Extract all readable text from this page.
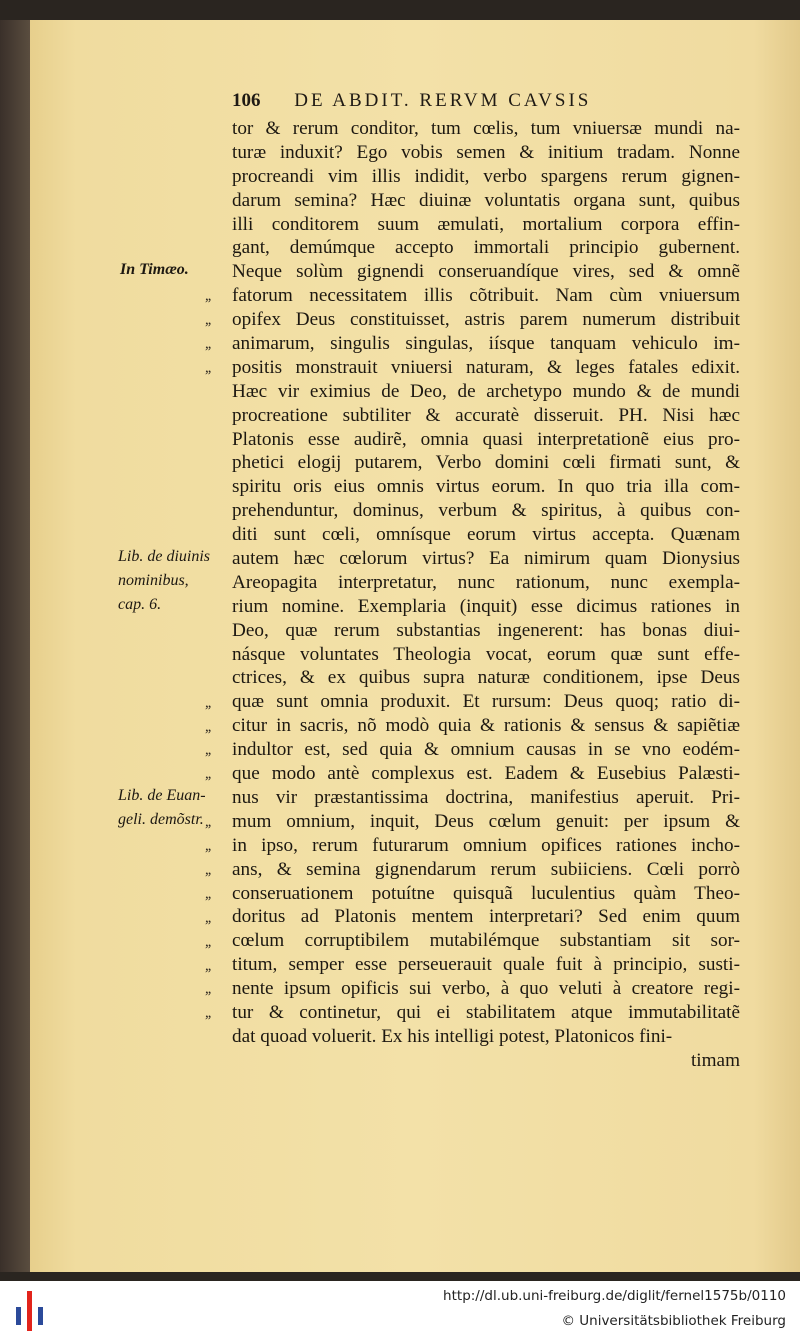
106 DE ABDIT. RERVM CAVSIS
tor & rerum conditor, tum cœlis, tum vniuersæ mundi na-
turæ induxit? Ego vobis semen & initium tradam. Nonne
procreandi vim illis indidit, verbo spargens rerum gignen-
darum semina? Hæc diuinæ voluntatis organa sunt, quibus
illi conditorem suum æmulati, mortalium corpora effin-
gant, demúmque accepto immortali principio gubernent.
Neque solùm gignendi conseruandíque vires, sed & omnẽ
fatorum necessitatem illis cõtribuit. Nam cùm vniuersum
opifex Deus constituisset, astris parem numerum distribuit
animarum, singulis singulas, iísque tanquam vehiculo im-
positis monstrauit vniuersi naturam, & leges fatales edixit.
Hæc vir eximius de Deo, de archetypo mundo & de mundi
procreatione subtiliter & accuratè disseruit. PH. Nisi hæc
Platonis esse audirẽ, omnia quasi interpretationẽ eius pro-
phetici elogij putarem, Verbo domini cœli firmati sunt, &
spiritu oris eius omnis virtus eorum. In quo tria illa com-
prehenduntur, dominus, verbum & spiritus, à quibus con-
diti sunt cœli, omnísque eorum virtus accepta. Quænam
autem hæc cœlorum virtus? Ea nimirum quam Dionysius
Areopagita interpretatur, nunc rationum, nunc exempla-
rium nomine. Exemplaria (inquit) esse dicimus rationes in
Deo, quæ rerum substantias ingenerent: has bonas diui-
násque voluntates Theologia vocat, eorum quæ sunt effe-
ctrices, & ex quibus supra naturæ conditionem, ipse Deus
quæ sunt omnia produxit. Et rursum: Deus quoq; ratio di-
citur in sacris, nõ modò quia & rationis & sensus & sapiẽtiæ
indultor est, sed quia & omnium causas in se vno eodém-
que modo antè complexus est. Eadem & Eusebius Palæsti-
nus vir præstantissima doctrina, manifestius aperuit. Pri-
mum omnium, inquit, Deus cœlum genuit: per ipsum &
in ipso, rerum futurarum omnium opifices rationes incho-
ans, & semina gignendarum rerum subiiciens. Cœli porrò
conseruationem potuítne quisquã luculentius quàm Theo-
doritus ad Platonis mentem interpretari? Sed enim quum
cœlum corruptibilem mutabilémque substantiam sit sor-
titum, semper esse perseuerauit quale fuit à principio, susti-
nente ipsum opificis sui verbo, à quo veluti à creatore regi-
tur & continetur, qui ei stabilitatem atque immutabilitatẽ
dat quoad voluerit. Ex his intelligi potest, Platonicos fini-
timam
In Timæo.
Lib. de diuinis
nominibus,
cap. 6.
Lib. de Euan-
geli. demõstr.
,,
,,
,,
,,
,,
,,
,,
,,
,,
,,
,,
,,
,,
,,
,,
,,
,,
http://dl.ub.uni-freiburg.de/diglit/fernel1575b/0110
© Universitätsbibliothek Freiburg
